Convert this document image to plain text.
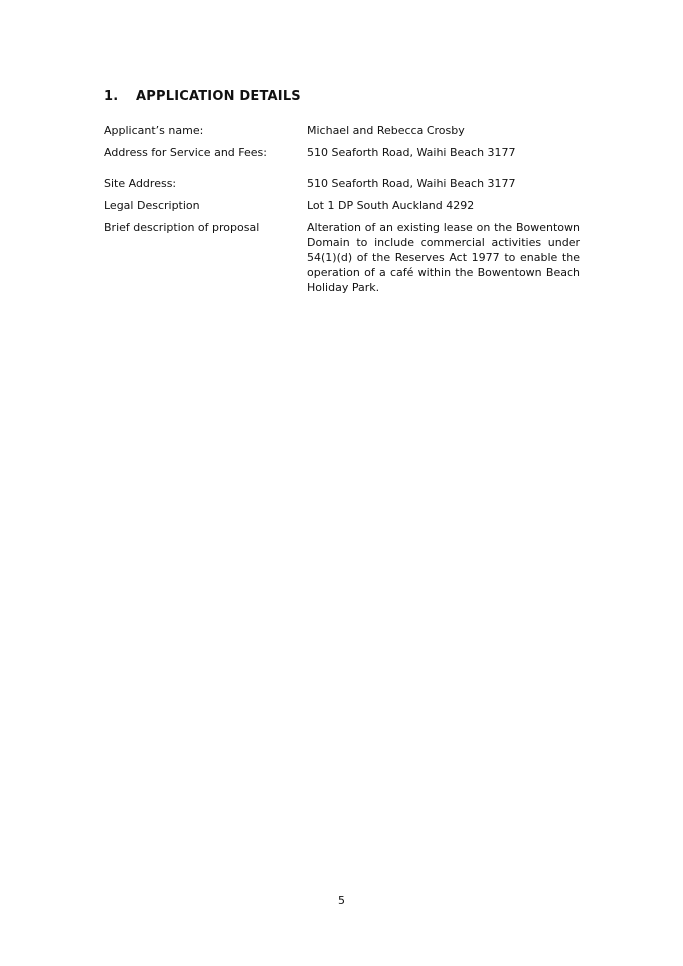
1. APPLICATION DETAILS
Applicant’s name:	Michael and Rebecca Crosby
Address for Service and Fees:	510 Seaforth Road, Waihi Beach 3177
Site Address:	510 Seaforth Road, Waihi Beach 3177
Legal Description	Lot 1 DP South Auckland 4292
Brief description of proposal	Alteration of an existing lease on the Bowentown Domain to include commercial activities under 54(1)(d) of the Reserves Act 1977 to enable the operation of a café within the Bowentown Beach Holiday Park.
5
